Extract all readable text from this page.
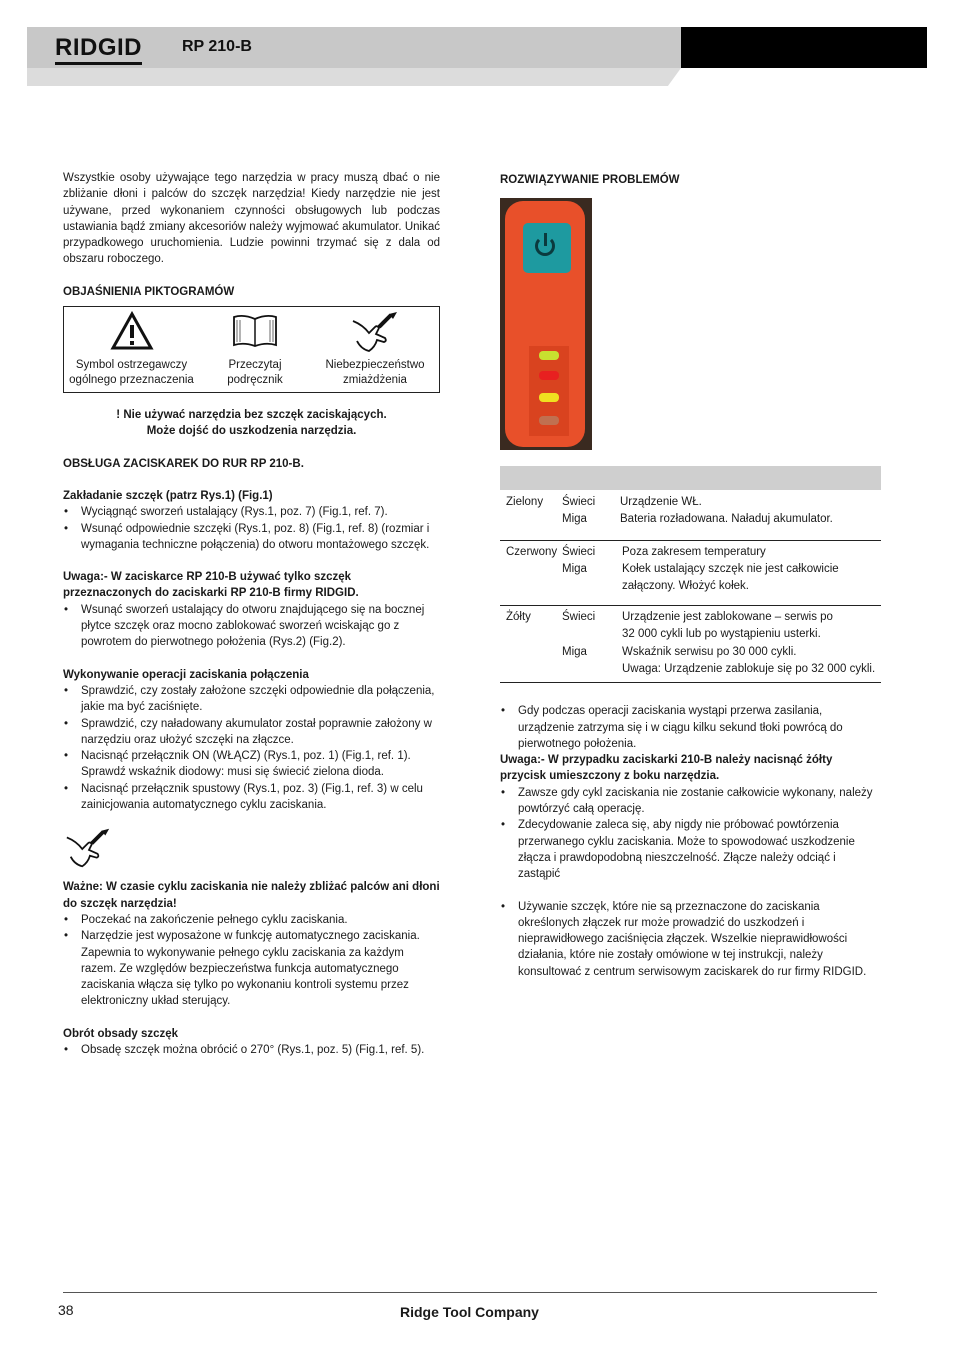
RIDGID	RP 210-B

Wszystkie osoby używające tego narzędzia w pracy muszą dbać o nie zbliżanie dłoni i palców do szczęk narzędzia! Kiedy narzędzie nie jest używane, przed wykonaniem czynności obsługowych lub podczas ustawiania bądź zmiany akcesoriów należy wyjmować akumulator. Unikać przypadkowego uruchomienia. Ludzie powinni trzymać się z dala od obszaru roboczego.

OBJAŚNIENIA PIKTOGRAMÓW
Symbol ostrzegawczy
ogólnego przeznaczenia
Przeczytaj
podręcznik
Niebezpieczeństwo
zmiażdżenia
! Nie używać narzędzia bez szczęk zaciskających.
Może dojść do uszkodzenia narzędzia.
OBSŁUGA ZACISKAREK DO RUR RP 210-B.
Zakładanie szczęk (patrz Rys.1) (Fig.1)
• Wyciągnąć sworzeń ustalający (Rys.1, poz. 7) (Fig.1, ref. 7).
• Wsunąć odpowiednie szczęki (Rys.1, poz. 8) (Fig.1, ref. 8) (rozmiar i wymagania techniczne połączenia) do otworu montażowego szczęk.
Uwaga:- W zaciskarce RP 210-B używać tylko szczęk przeznaczonych do zaciskarki RP 210-B firmy RIDGID.
• Wsunąć sworzeń ustalający do otworu znajdującego się na bocznej płytce szczęk oraz mocno zablokować sworzeń wciskając go z powrotem do pierwotnego położenia (Rys.2) (Fig.2).
Wykonywanie operacji zaciskania połączenia
• Sprawdzić, czy zostały założone szczęki odpowiednie dla połączenia, jakie ma być zaciśnięte.
• Sprawdzić, czy naładowany akumulator został poprawnie założony w narzędziu oraz ułożyć szczęki na złączce.
• Nacisnąć przełącznik ON (WŁĄCZ) (Rys.1, poz. 1) (Fig.1, ref. 1). Sprawdź wskaźnik diodowy: musi się świecić zielona dioda.
• Nacisnąć przełącznik spustowy (Rys.1, poz. 3) (Fig.1, ref. 3) w celu zainicjowania automatycznego cyklu zaciskania.
Ważne: W czasie cyklu zaciskania nie należy zbliżać palców ani dłoni do szczęk narzędzia!
• Poczekać na zakończenie pełnego cyklu zaciskania.
• Narzędzie jest wyposażone w funkcję automatycznego zaciskania. Zapewnia to wykonywanie pełnego cyklu zaciskania za każdym razem. Ze względów bezpieczeństwa funkcja automatycznego zaciskania włącza się tylko po wykonaniu kontroli systemu przez elektroniczny układ sterujący.
Obrót obsady szczęk
• Obsadę szczęk można obrócić o 270° (Rys.1, poz. 5) (Fig.1, ref. 5).
ROZWIĄZYWANIE PROBLEMÓW
Zielony Świeci Urządzenie WŁ.
Miga	Bateria rozładowana. Naładuj akumulator.
Czerwony Świeci Poza zakresem temperatury
Miga	Kołek ustalający szczęk nie jest całkowicie
załączony. Włożyć kołek.
Żółty	Świeci Urządzenie jest zablokowane – serwis po
32 000 cykli lub po wystąpieniu usterki.
Miga	Wskaźnik serwisu po 30 000 cykli.
Uwaga: Urządzenie zablokuje się po 32 000 cykli.
• Gdy podczas operacji zaciskania wystąpi przerwa zasilania, urządzenie zatrzyma się i w ciągu kilku sekund tłoki powrócą do pierwotnego położenia.
Uwaga:- W przypadku zaciskarki 210-B należy nacisnąć żółty przycisk umieszczony z boku narzędzia.
• Zawsze gdy cykl zaciskania nie zostanie całkowicie wykonany, należy powtórzyć całą operację.
• Zdecydowanie zaleca się, aby nigdy nie próbować powtórzenia przerwanego cyklu zaciskania. Może to spowodować uszkodzenie złącza i prawdopodobną nieszczelność. Złącze należy odciąć i zastąpić
• Używanie szczęk, które nie są przeznaczone do zaciskania określonych złączek rur może prowadzić do uszkodzeń i nieprawidłowego zaciśnięcia złączek. Wszelkie nieprawidłowości działania, które nie zostały omówione w tej instrukcji, należy konsultować z centrum serwisowym zaciskarek do rur firmy RIDGID.
38	Ridge Tool Company
